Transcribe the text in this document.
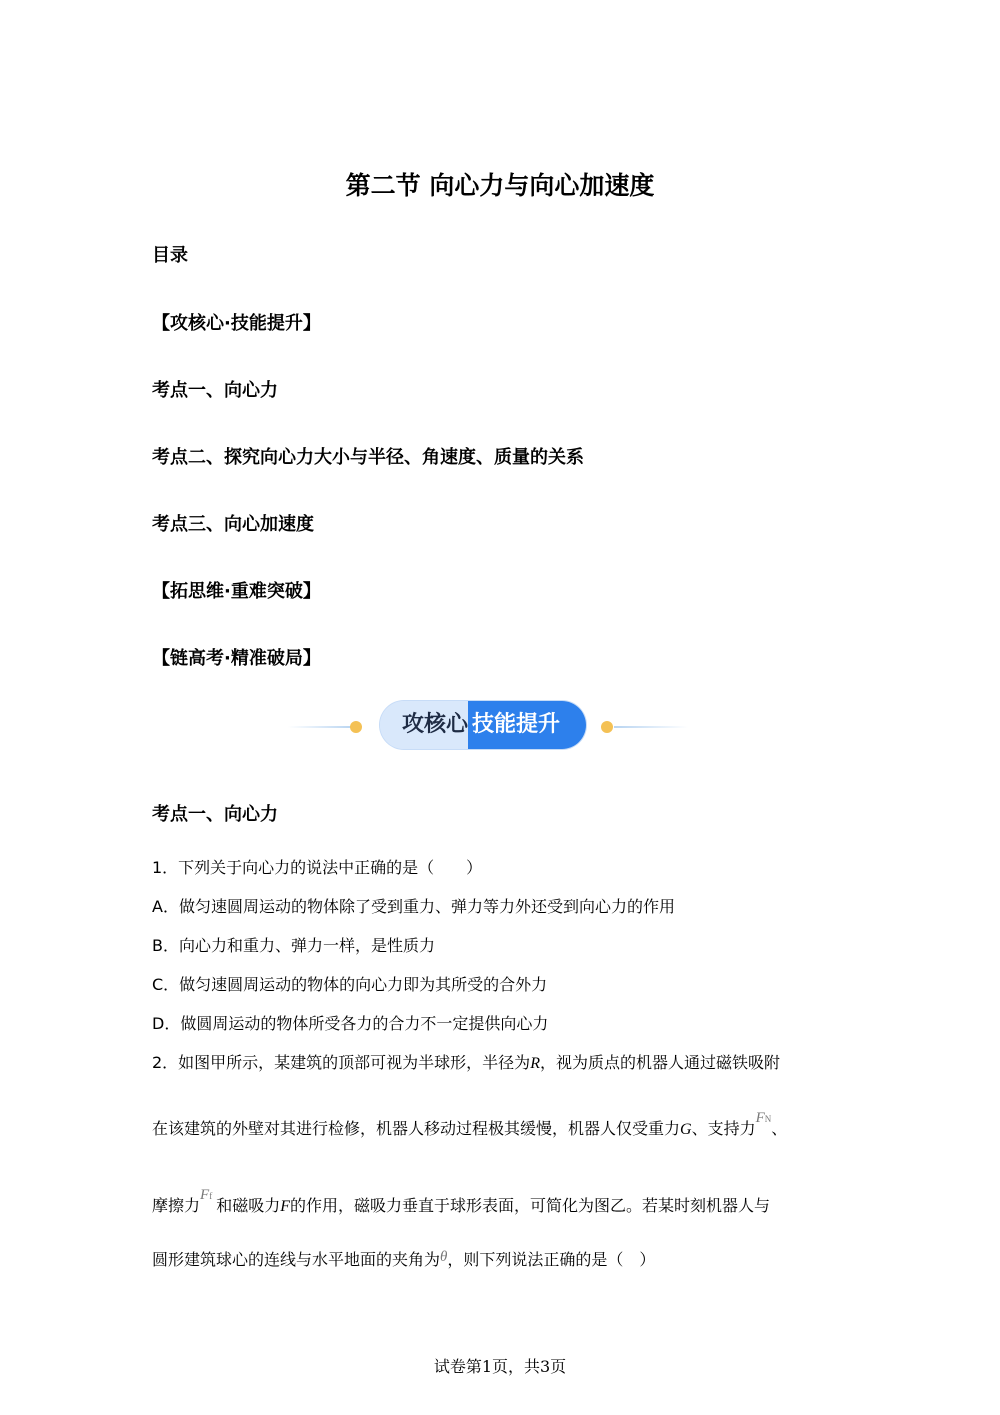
第二节 向心力与向心加速度
目录
【攻核心·技能提升】
考点一、向心力
考点二、探究向心力大小与半径、角速度、质量的关系
考点三、向心加速度
【拓思维·重难突破】
【链高考·精准破局】
攻核心 技能提升
考点一、向心力
1．下列关于向心力的说法中正确的是（　　）
A．做匀速圆周运动的物体除了受到重力、弹力等力外还受到向心力的作用
B．向心力和重力、弹力一样，是性质力
C．做匀速圆周运动的物体的向心力即为其所受的合外力
D．做圆周运动的物体所受各力的合力不一定提供向心力
2．如图甲所示，某建筑的顶部可视为半球形，半径为R，视为质点的机器人通过磁铁吸附
在该建筑的外壁对其进行检修，机器人移动过程极其缓慢，机器人仅受重力G、支持力FN、
摩擦力Ff 和磁吸力F的作用，磁吸力垂直于球形表面，可简化为图乙。若某时刻机器人与
圆形建筑球心的连线与水平地面的夹角为θ，则下列说法正确的是（　）
试卷第1页，共3页
